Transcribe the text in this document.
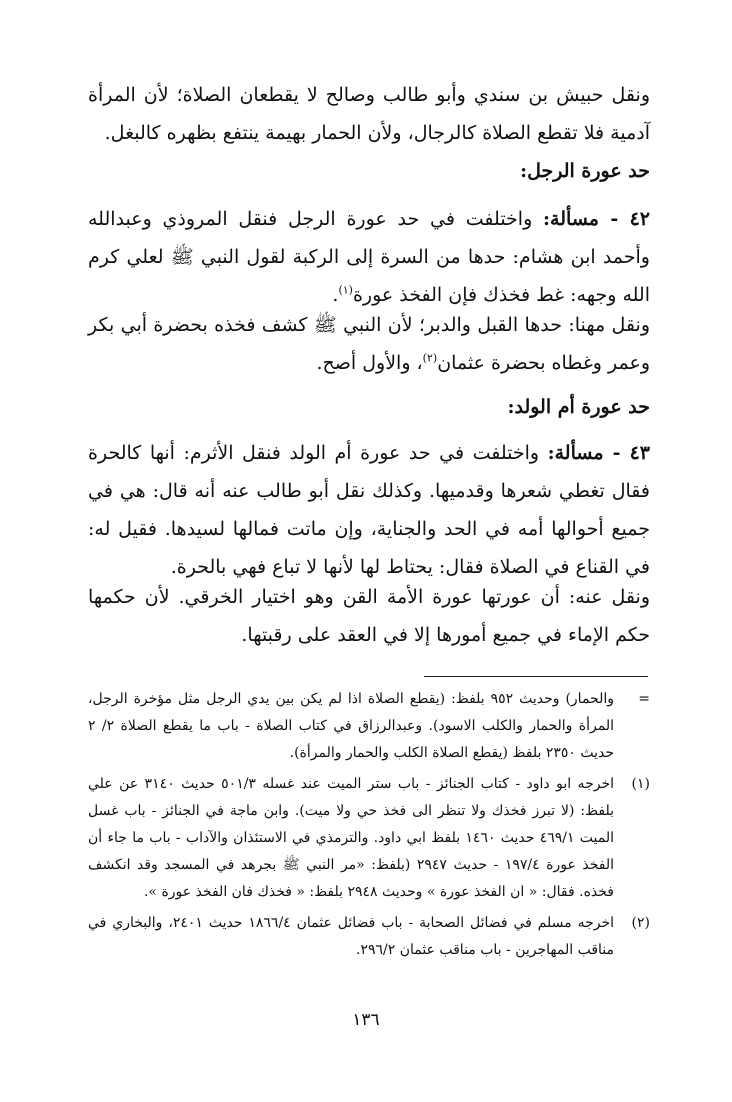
ونقل حبيش بن سندي وأبو طالب وصالح لا يقطعان الصلاة؛ لأن المرأة آدمية فلا تقطع الصلاة كالرجال، ولأن الحمار بهيمة ينتفع بظهره كالبغل.

حد عورة الرجل:

٤٢ - مسألة: واختلفت في حد عورة الرجل فنقل المروذي وعبدالله وأحمد ابن هشام: حدها من السرة إلى الركبة لقول النبي ﷺ لعلي كرم الله وجهه: غط فخذك فإن الفخذ عورة$^{(١)}$.

ونقل مهنا: حدها القبل والدبر؛ لأن النبي ﷺ كشف فخذه بحضرة أبي بكر وعمر وغطاه بحضرة عثمان$^{(٢)}$، والأول أصح.

حد عورة أم الولد:

٤٣ - مسألة: واختلفت في حد عورة أم الولد فنقل الأثرم: أنها كالحرة فقال تغطي شعرها وقدميها. وكذلك نقل أبو طالب عنه أنه قال: هي في جميع أحوالها أمه في الحد والجناية، وإن ماتت فمالها لسيدها. فقيل له: في القناع في الصلاة فقال: يحتاط لها لأنها لا تباع فهي بالحرة.

ونقل عنه: أن عورتها عورة الأمة القن وهو اختيار الخرقي. لأن حكمها حكم الإماء في جميع أمورها إلا في العقد على رقبتها.

=
والحمار) وحديث ٩٥٢ بلفظ: (يقطع الصلاة اذا لم يكن بين يدي الرجل مثل مؤخرة الرجل، المرأة والحمار والكلب الاسود). وعبدالرزاق في كتاب الصلاة - باب ما يقطع الصلاة ٢/ ٢ حديث ٢٣٥٠ بلفظ (يقطع الصلاة الكلب والحمار والمرأة).

(١)
اخرجه ابو داود - كتاب الجنائز - باب ستر الميت عند غسله ٥٠١/٣ حديث ٣١٤٠ عن علي بلفظ: (لا تبرز فخذك ولا تنظر الى فخذ حي ولا ميت). وابن ماجة في الجنائز - باب غسل الميت ٤٦٩/١ حديث ١٤٦٠ بلفظ ابي داود. والترمذي في الاستئذان والآداب - باب ما جاء أن الفخذ عورة ١٩٧/٤ - حديث ٢٩٤٧ (بلفظ: «مر النبي ﷺ بجرهد في المسجد وقد انكشف فخذه. فقال: « ان الفخذ عورة » وحديث ٢٩٤٨ بلفظ: « فخذك فان الفخذ عورة ».

(٢)
اخرجه مسلم في فضائل الصحابة - باب فضائل عثمان ١٨٦٦/٤ حديث ٢٤٠١، والبخاري في مناقب المهاجرين - باب مناقب عثمان ٢٩٦/٢.

١٣٦
